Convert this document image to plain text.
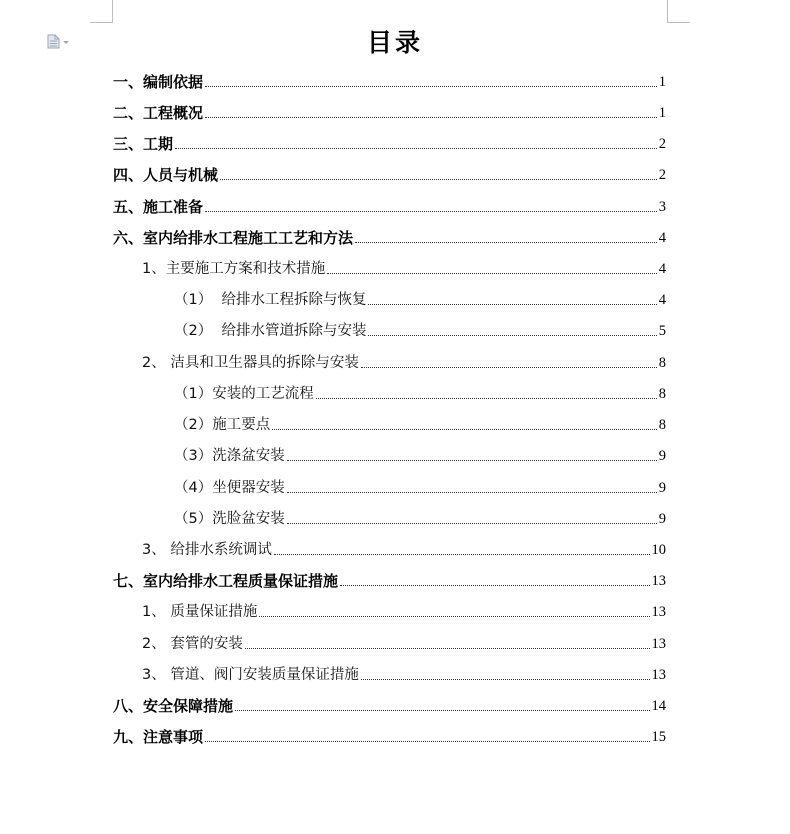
目录
一、编制依据	1
二、工程概况	1
三、工期	2
四、人员与机械	2
五、施工准备	3
六、室内给排水工程施工工艺和方法	4
1、主要施工方案和技术措施	4
（1）  给排水工程拆除与恢复	4
（2）  给排水管道拆除与安装	5
2、 洁具和卫生器具的拆除与安装	8
（1）安装的工艺流程	8
（2）施工要点	8
（3）洗涤盆安装	9
（4）坐便器安装	9
（5）洗脸盆安装	9
3、 给排水系统调试	10
七、室内给排水工程质量保证措施	13
1、 质量保证措施	13
2、 套管的安装	13
3、 管道、阀门安装质量保证措施	13
八、安全保障措施	14
九、注意事项	15
